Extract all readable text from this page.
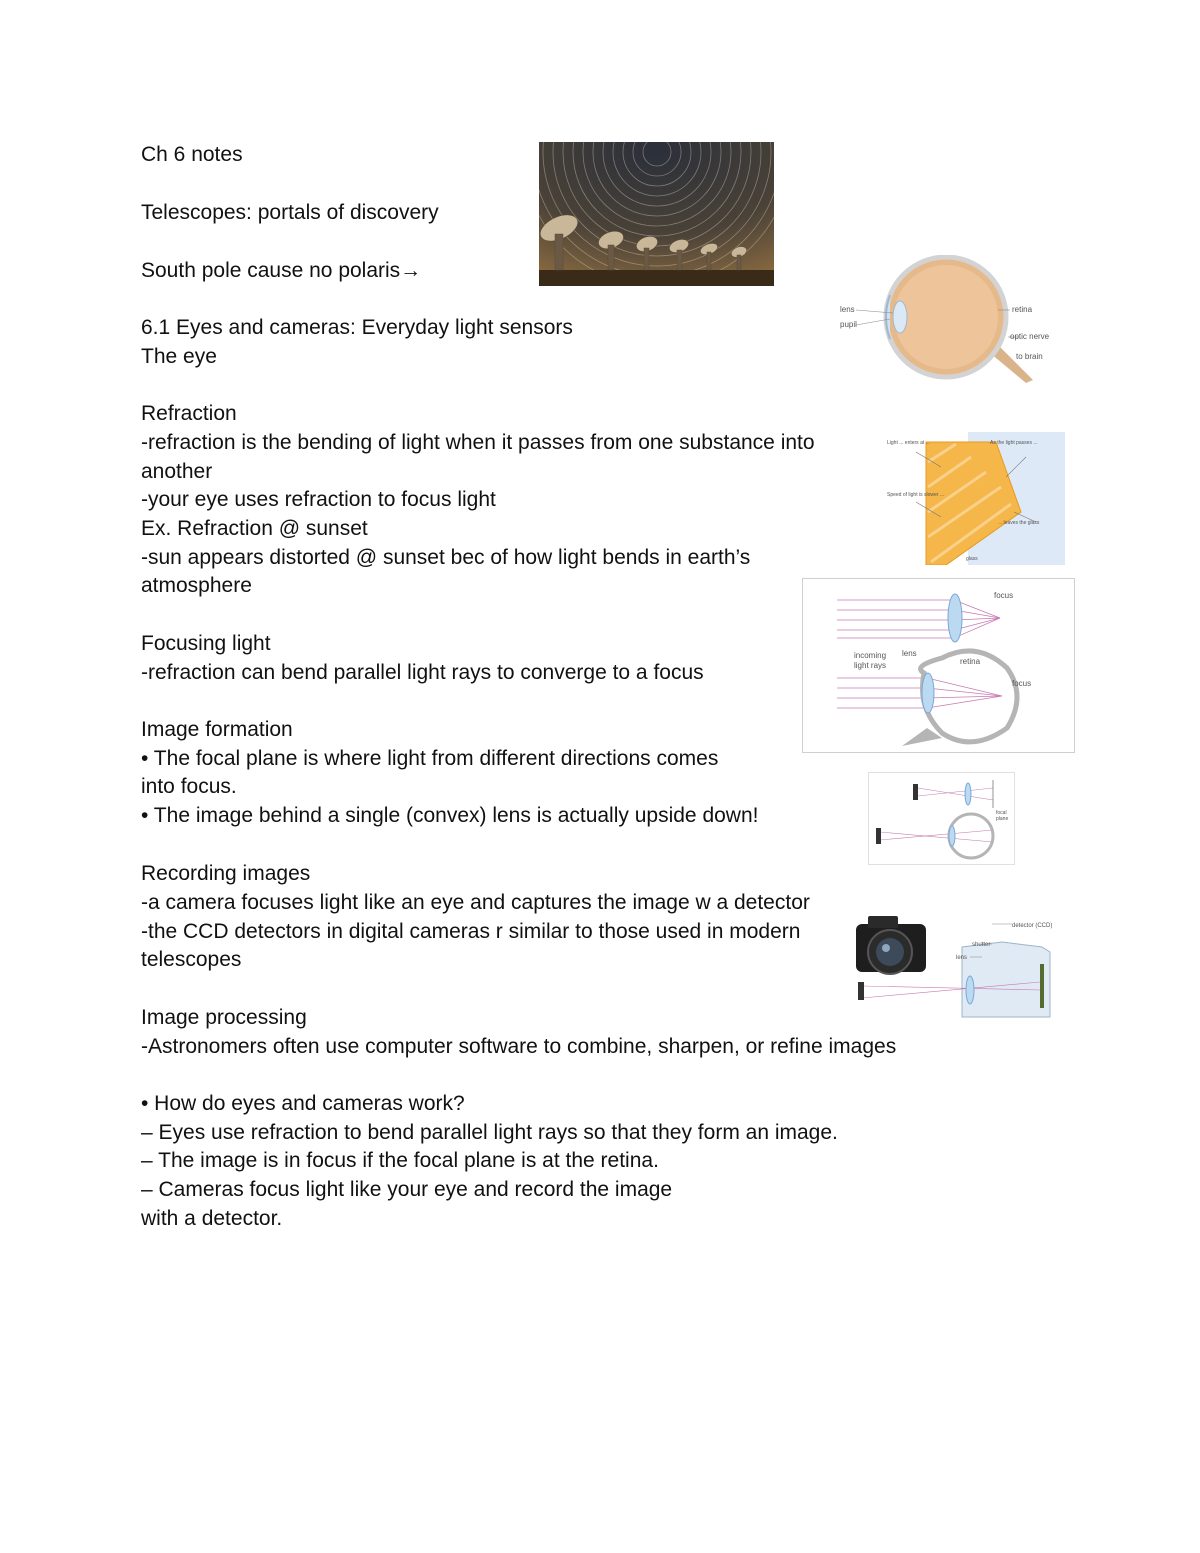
Ch 6 notes
Telescopes: portals of discovery
South pole cause no polaris→
6.1 Eyes and cameras: Everyday light sensors
The eye
Refraction
-refraction is the bending of light when it passes from one substance into
another
-your eye uses refraction to focus light
Ex. Refraction @ sunset
-sun appears distorted @ sunset bec of how light bends in earth’s
atmosphere
Focusing light
-refraction can bend parallel light rays to converge to a focus
Image formation
• The focal plane is where light from different directions comes
into focus.
• The image behind a single (convex) lens is actually upside down!
Recording images
-a camera focuses light like an eye and captures the image w a detector
-the CCD detectors in digital cameras r similar to those used in modern
telescopes
Image processing
-Astronomers often use computer software to combine, sharpen, or refine images
• How do eyes and cameras work?
– Eyes use refraction to bend parallel light rays so that they form an image.
– The image is in focus if the focal plane is at the retina.
– Cameras focus light like your eye and record the image
with a detector.
lens
pupil
retina
optic nerve
to brain
Light ... enters at ...
Speed of light is slower ...
As the light passes ...
... leaves the glass
glass
focus
incoming
light rays
lens
retina
focus
focal
plane
detector (CCD)
shutter
lens
